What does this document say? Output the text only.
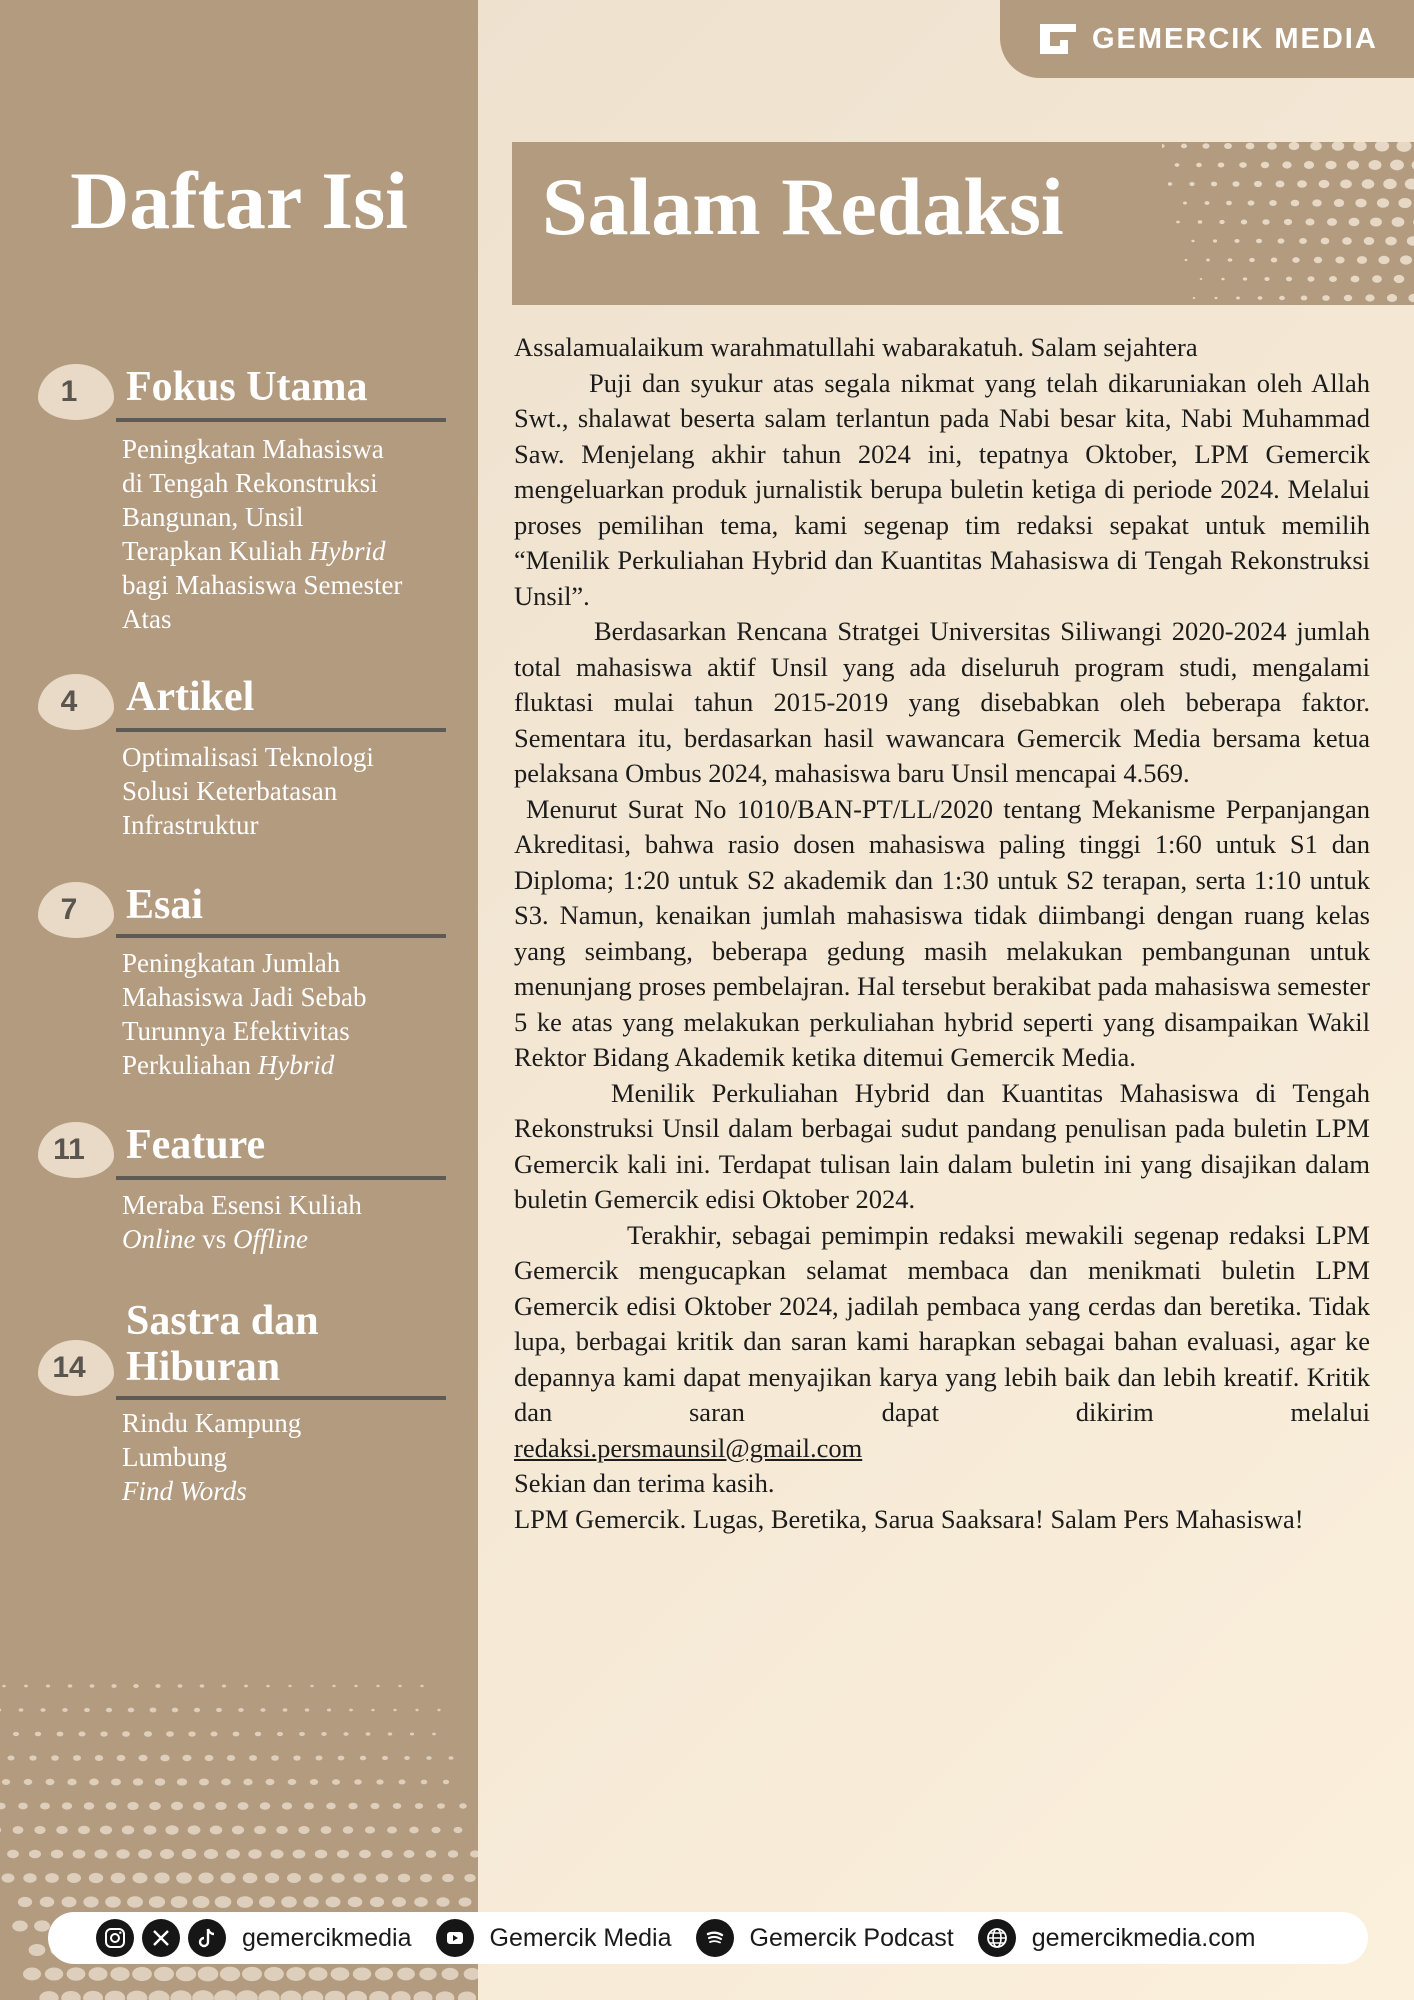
Daftar Isi
1	Fokus Utama
Peningkatan Mahasiswa
di Tengah Rekonstruksi
Bangunan, Unsil
Terapkan Kuliah Hybrid
bagi Mahasiswa Semester
Atas
4	Artikel
Optimalisasi Teknologi
Solusi Keterbatasan
Infrastruktur
7	Esai
Peningkatan Jumlah
Mahasiswa Jadi Sebab
Turunnya Efektivitas
Perkuliahan Hybrid
11 Feature
Meraba Esensi Kuliah
Online vs Offline
14
Sastra dan
Hiburan
Rindu Kampung
Lumbung
Find Words
GEMERCIK MEDIA
Salam Redaksi

Assalamualaikum warahmatullahi wabarakatuh. Salam sejahtera

Puji dan syukur atas segala nikmat yang telah dikaruniakan oleh Allah Swt., shalawat beserta salam terlantun pada Nabi besar kita, Nabi Muhammad Saw. Menjelang akhir tahun 2024 ini, tepatnya Oktober, LPM Gemercik mengeluarkan produk jurnalistik berupa buletin ketiga di periode 2024. Melalui proses pemilihan tema, kami segenap tim redaksi sepakat untuk memilih “Menilik Perkuliahan Hybrid dan Kuantitas Mahasiswa di Tengah Rekonstruksi Unsil”.

Berdasarkan Rencana Stratgei Universitas Siliwangi 2020-2024 jumlah total mahasiswa aktif Unsil yang ada diseluruh program studi, mengalami fluktasi mulai tahun 2015-2019 yang disebabkan oleh beberapa faktor. Sementara itu, berdasarkan hasil wawancara Gemercik Media bersama ketua pelaksana Ombus 2024, mahasiswa baru Unsil mencapai 4.569.

Menurut Surat No 1010/BAN-PT/LL/2020 tentang Mekanisme Perpanjangan Akreditasi, bahwa rasio dosen mahasiswa paling tinggi 1:60 untuk S1 dan Diploma; 1:20 untuk S2 akademik dan 1:30 untuk S2 terapan, serta 1:10 untuk S3. Namun, kenaikan jumlah mahasiswa tidak diimbangi dengan ruang kelas yang seimbang, beberapa gedung masih melakukan pembangunan untuk menunjang proses pembelajran. Hal tersebut berakibat pada mahasiswa semester 5 ke atas yang melakukan perkuliahan hybrid seperti yang disampaikan Wakil Rektor Bidang Akademik ketika ditemui Gemercik Media.

Menilik Perkuliahan Hybrid dan Kuantitas Mahasiswa di Tengah Rekonstruksi Unsil dalam berbagai sudut pandang penulisan pada buletin LPM Gemercik kali ini. Terdapat tulisan lain dalam buletin ini yang disajikan dalam buletin Gemercik edisi Oktober 2024.

Terakhir, sebagai pemimpin redaksi mewakili segenap redaksi LPM Gemercik mengucapkan selamat membaca dan menikmati buletin LPM Gemercik edisi Oktober 2024, jadilah pembaca yang cerdas dan beretika. Tidak lupa, berbagai kritik dan saran kami harapkan sebagai bahan evaluasi, agar ke depannya kami dapat menyajikan karya yang lebih baik dan lebih kreatif. Kritik dan saran dapat dikirim melalui

redaksi.persmaunsil@gmail.com

Sekian dan terima kasih.

LPM Gemercik. Lugas, Beretika, Sarua Saaksara! Salam Pers Mahasiswa!

gemercikmedia	Gemercik Media	Gemercik Podcast	gemercikmedia.com
